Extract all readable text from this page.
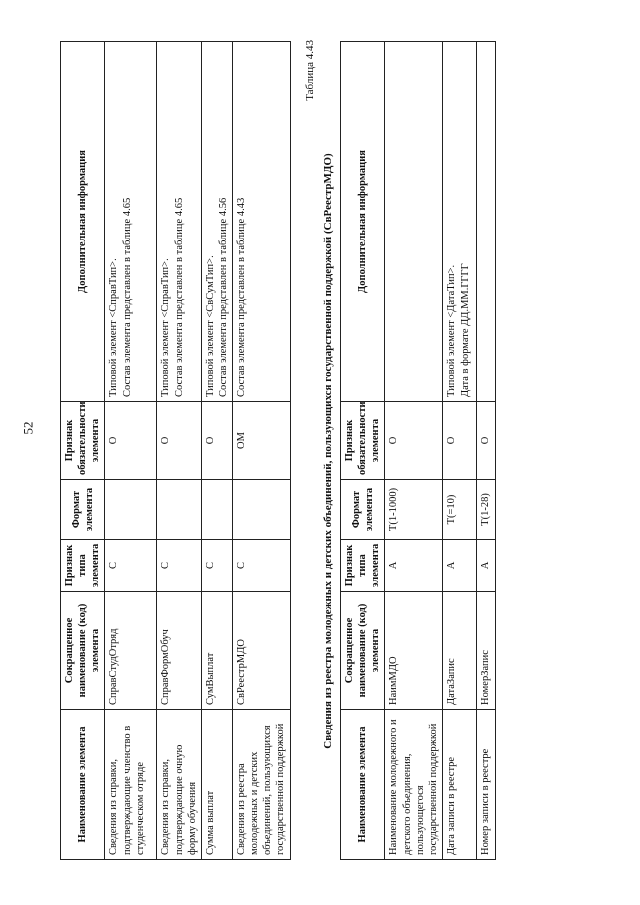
52
Наименование элемента	Сокращенное наименование (код) элемента	Признак типа элемента	Формат элемента	Признак обязательности элемента	Дополнительная информация
Сведения из справки, подтверждающие членство в студенческом отряде	СправСтудОтряд	С		О	Типовой элемент <СправТип>.
Состав элемента представлен в таблице 4.65
Сведения из справки, подтверждающие очную форму обучения	СправФормОбуч	С		О	Типовой элемент <СправТип>.
Состав элемента представлен в таблице 4.65
Сумма выплат	СумВыплат	С		О	Типовой элемент <СвСумТип>.
Состав элемента представлен в таблице 4.56
Сведения из реестра молодежных и детских объединений, пользующихся государственной поддержкой	СвРеестрМДО	С		ОМ	Состав элемента представлен в таблице 4.43
Таблица 4.43
Сведения из реестра молодежных и детских объединений, пользующихся государственной поддержкой (СвРеестрМДО)
Наименование элемента	Сокращенное наименование (код) элемента	Признак типа элемента	Формат элемента	Признак обязательности элемента	Дополнительная информация
Наименование молодежного и детского объединения, пользующегося государственной поддержкой	НаимМДО	А	Т(1-1000)	О	
Дата записи в реестре	ДатаЗапис	А	Т(=10)	О	Типовой элемент <ДатаТип>.
Дата в формате ДД.ММ.ГГГГ
Номер записи в реестре	НомерЗапис	А	Т(1-28)	О	
